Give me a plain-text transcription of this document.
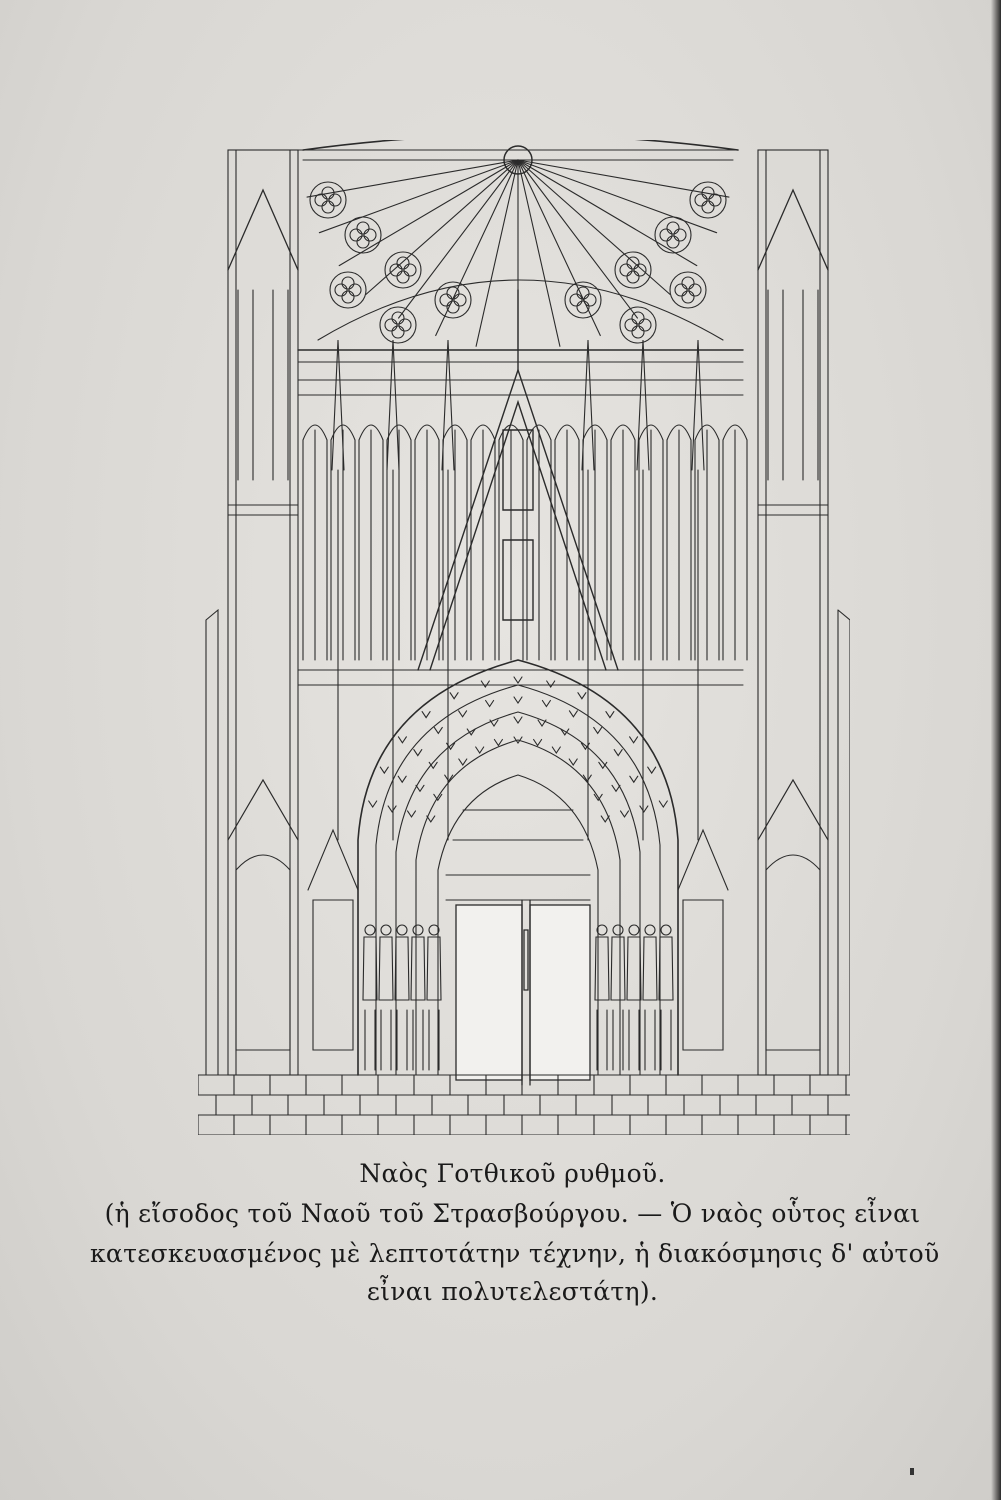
Ναὸς Γοτθικοῦ ρυθμοῦ.
(ἡ εἴσοδος τοῦ Ναοῦ τοῦ Στρασβούργου. — Ὁ ναὸς οὗτος εἶναι
κατεσκευασμένος μὲ λεπτοτάτην τέχνην, ἡ διακόσμησις δ' αὐτοῦ
εἶναι πολυτελεστάτη).
